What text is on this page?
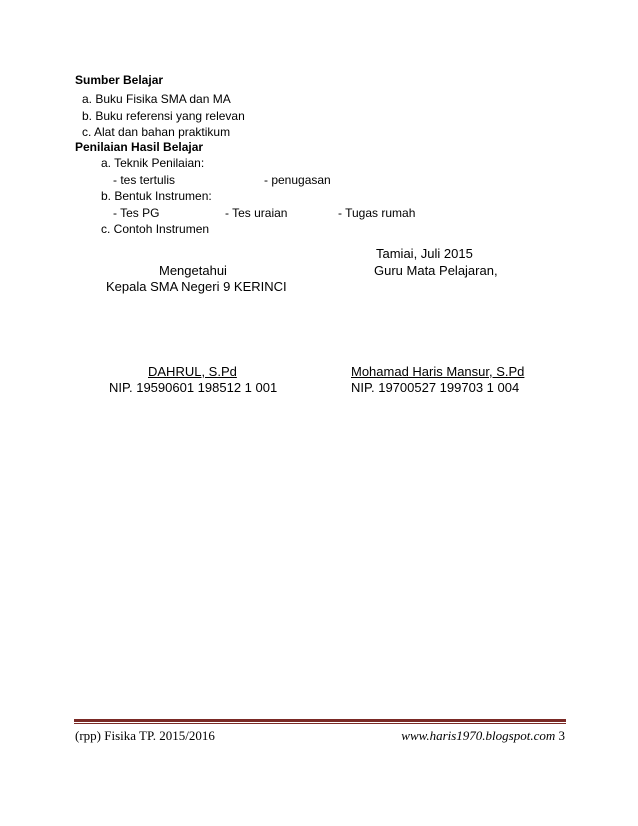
Sumber Belajar
a. Buku Fisika SMA dan MA
b. Buku referensi yang relevan
c. Alat dan bahan praktikum
Penilaian Hasil Belajar
a. Teknik Penilaian:
- tes tertulis	- penugasan
b. Bentuk Instrumen:
- Tes PG	- Tes uraian	- Tugas rumah
c. Contoh Instrumen
Tamiai, Juli 2015
Mengetahui
Kepala SMA Negeri 9 KERINCI
Guru Mata Pelajaran,
DAHRUL, S.Pd
NIP. 19590601 198512 1 001
Mohamad Haris Mansur, S.Pd
NIP. 19700527 199703 1 004
(rpp) Fisika TP. 2015/2016	www.haris1970.blogspot.com 3
